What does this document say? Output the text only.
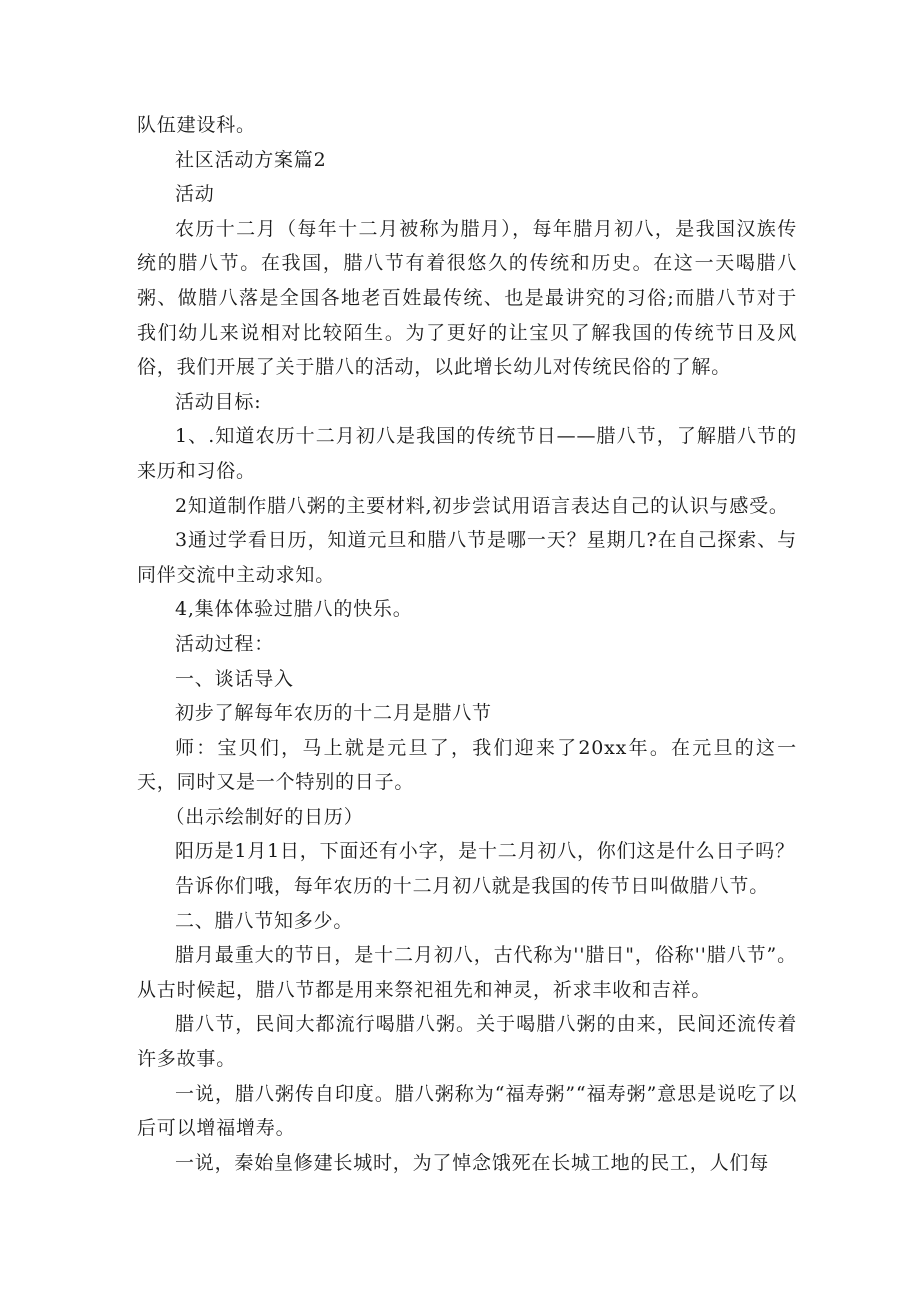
队伍建设科。

社区活动方案篇2

活动

农历十二月（每年十二月被称为腊月），每年腊月初八，是我国汉族传统的腊八节。在我国，腊八节有着很悠久的传统和历史。在这一天喝腊八粥、做腊八落是全国各地老百姓最传统、也是最讲究的习俗;而腊八节对于我们幼儿来说相对比较陌生。为了更好的让宝贝了解我国的传统节日及风俗，我们开展了关于腊八的活动，以此增长幼儿对传统民俗的了解。

活动目标:

1、.知道农历十二月初八是我国的传统节日——腊八节，了解腊八节的来历和习俗。

2知道制作腊八粥的主要材料,初步尝试用语言表达自己的认识与感受。

3通过学看日历，知道元旦和腊八节是哪一天？星期几?在自己探索、与同伴交流中主动求知。

4,集体体验过腊八的快乐。

活动过程：

一、谈话导入

初步了解每年农历的十二月是腊八节

师：宝贝们，马上就是元旦了，我们迎来了20xx年。在元旦的这一天，同时又是一个特别的日子。

（出示绘制好的日历）

阳历是1月1日，下面还有小字，是十二月初八，你们这是什么日子吗？

告诉你们哦，每年农历的十二月初八就是我国的传节日叫做腊八节。

二、腊八节知多少。

腊月最重大的节日，是十二月初八，古代称为''腊日"，俗称''腊八节”。从古时候起，腊八节都是用来祭祀祖先和神灵，祈求丰收和吉祥。

腊八节，民间大都流行喝腊八粥。关于喝腊八粥的由来，民间还流传着许多故事。

一说，腊八粥传自印度。腊八粥称为“福寿粥”“福寿粥”意思是说吃了以后可以增福增寿。

一说，秦始皇修建长城时，为了悼念饿死在长城工地的民工，人们每
